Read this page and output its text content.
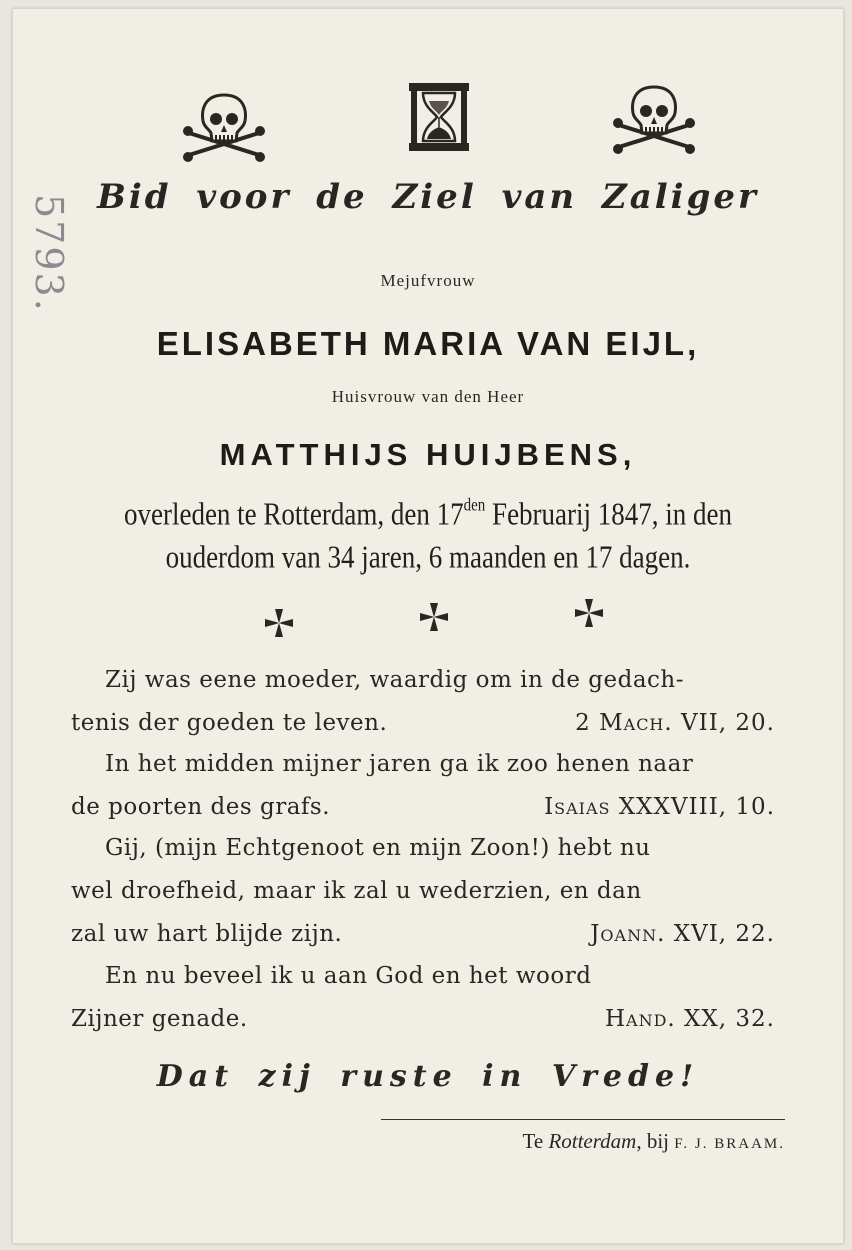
5793. Bid voor de Ziel van Zaliger
Mejufvrouw
ELISABETH MARIA VAN EIJL,
Huisvrouw van den Heer
MATTHIJS HUIJBENS,
overleden te Rotterdam, den $17^{den}$ Februarij 1847, in den
ouderdom van 34 jaren, 6 maanden en 17 dagen.
Zij was eene moeder, waardig om in de gedach-
tenis der goeden te leven.	2 Mach. VII, 20.
In het midden mijner jaren ga ik zoo henen naar
de poorten des grafs.	Isaias XXXVIII, 10.
Gij, (mijn Echtgenoot en mijn Zoon!) hebt nu
wel droefheid, maar ik zal u wederzien, en dan
zal uw hart blijde zijn.	Joann. XVI, 22.
En nu beveel ik u aan God en het woord
Zijner genade.	Hand. XX, 32.
Dat zij ruste in Vrede!
Te Rotterdam, bij F. J. BRAAM.
